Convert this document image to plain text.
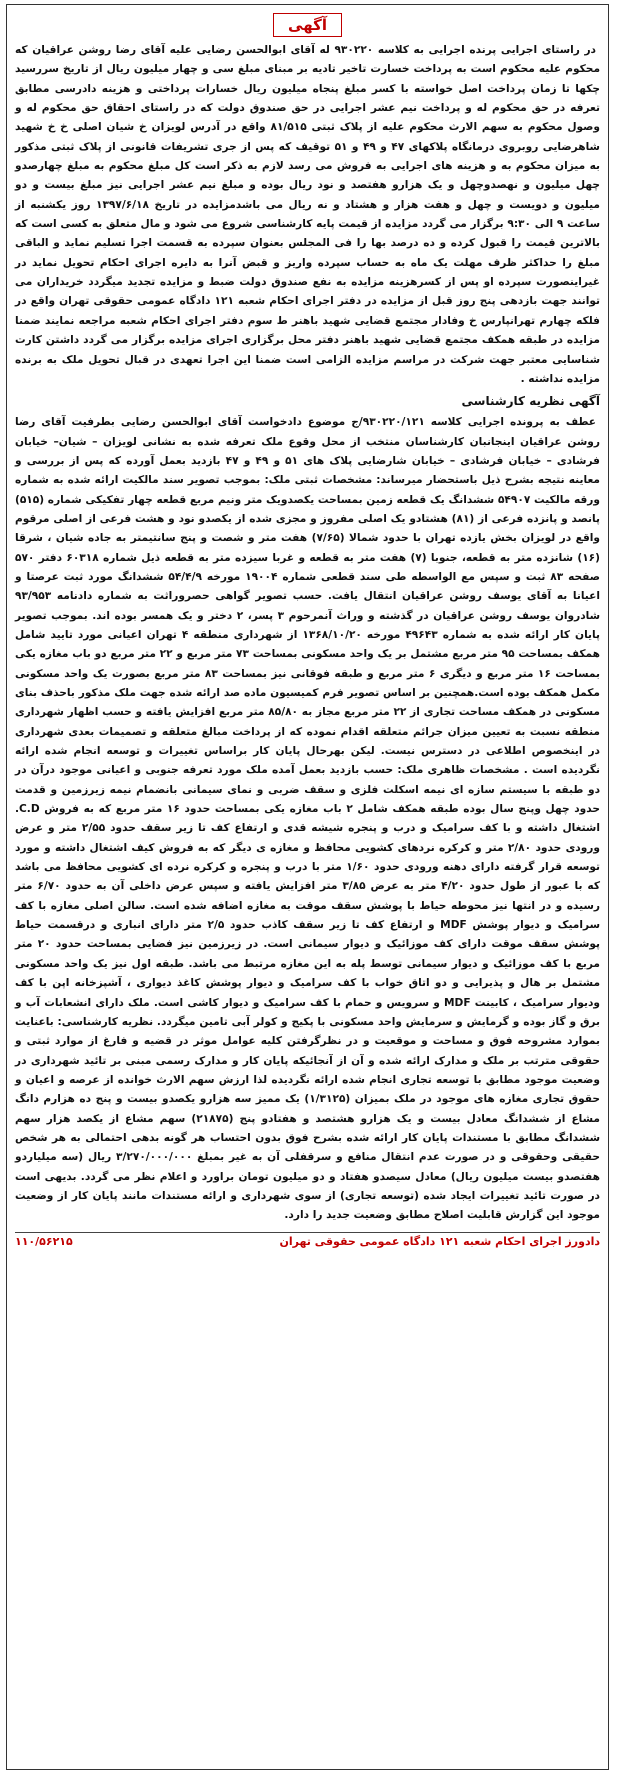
آگهی

در راستای اجرایی پرنده اجرایی به کلاسه ۹۳۰۲۲۰ له آقای ابوالحسن رضایی علیه آقای رضا روشن عراقیان که محکوم علیه محکوم است به پرداخت خسارت تاخیر تادیه بر مبنای مبلغ سی و چهار میلیون ریال از تاریخ سررسید چکها تا زمان پرداخت اصل خواسته با کسر مبلغ پنجاه میلیون ریال خسارات پرداختی و هزینه دادرسی مطابق تعرفه در حق محکوم له و پرداخت نیم عشر اجرایی در حق صندوق دولت که در راستای احقاق حق محکوم له و وصول محکوم به سهم الارث محکوم علیه از پلاک ثبتی ۸۱/۵۱۵ واقع در آدرس لویزان خ شیان اصلی خ خ شهید شاهرضایی روبروی درمانگاه پلاکهای ۴۷ و ۴۹ و ۵۱ توقیف که پس از جری تشریفات قانونی از پلاک ثبتی مذکور به میزان محکوم به و هزینه های اجرایی به فروش می رسد لازم به ذکر است کل مبلغ محکوم به مبلغ چهارصدو چهل میلیون و نهصدوچهل و یک هزارو هفتصد و نود ریال بوده و مبلغ نیم عشر اجرایی نیز مبلغ بیست و دو میلیون و دویست و چهل و هفت هزار و هشتاد و نه ریال می باشدمزایده در تاریخ ۱۳۹۷/۶/۱۸ روز یکشنبه از ساعت ۹ الی ۹:۳۰ برگزار می گردد مزایده از قیمت پایه کارشناسی شروع می شود و مال متعلق به کسی است که بالاترین قیمت را قبول کرده و ده درصد بها را فی المجلس بعنوان سپرده به قسمت اجرا تسلیم نماید و الباقی مبلغ را حداکثر ظرف مهلت یک ماه به حساب سپرده واریز و قبض آنرا به دایره اجرای احکام تحویل نماید در غیراینصورت سپرده او پس از کسرهزینه مزایده به نفع صندوق دولت ضبط و مزایده تجدید میگردد خریداران می توانند جهت بازدهی پنج روز قبل از مزایده در دفتر اجرای احکام شعبه ۱۲۱ دادگاه عمومی حقوقی تهران واقع در فلکه چهارم تهرانپارس خ وفادار مجتمع قضایی شهید باهنر ط سوم دفتر اجرای احکام شعبه مراجعه نمایند ضمنا مزایده در طبقه همکف مجتمع قضایی شهید باهنر دفتر محل برگزاری اجرای مزایده برگزار می گردد داشتن کارت شناسایی معتبر جهت شرکت در مراسم مزایده الزامی است ضمنا این اجرا تعهدی در قبال تحویل ملک به برنده مزایده نداشته .

آگهی نظریه کارشناسی

عطف به پرونده اجرایی کلاسه ۹۳۰۲۲۰/۱۲۱/ج موضوع دادخواست آقای ابوالحسن رضایی بطرفیت آقای رضا روشن عراقیان اینجانبان کارشناسان منتخب از محل وقوع ملک تعرفه شده به نشانی لویزان – شیان– خیابان فرشادی – خیابان فرشادی – خیابان شارضایی پلاک های ۵۱ و ۴۹ و ۴۷ بازدید بعمل آورده که پس از بررسی و معاینه نتیجه بشرح ذیل باستحضار میرساند: مشخصات ثبتی ملک: بموجب تصویر سند مالکیت ارائه شده به شماره ورقه مالکیت ۵۴۹۰۷ ششدانگ یک قطعه زمین بمساحت یکصدویک متر ونیم مربع قطعه چهار تفکیکی شماره (۵۱۵) پانصد و پانزده فرعی از (۸۱) هشتادو یک اصلی مفروز و مجزی شده از یکصدو نود و هشت فرعی از اصلی مرقوم واقع در لویزان بخش یازده تهران با حدود شمالا (۷/۶۵) هفت متر و شصت و پنج سانتیمتر به جاده شیان ، شرقا (۱۶) شانزده متر به قطعه، جنوبا (۷) هفت متر به قطعه و غربا سیزده متر به قطعه ذیل شماره ۶۰۳۱۸ دفتر ۵۷۰ صفحه ۸۳ ثبت و سپس مع الواسطه طی سند قطعی شماره ۱۹۰۰۴ مورخه ۵۴/۴/۹ ششدانگ مورد ثبت عرصتا و اعیانا به آقای یوسف روشن عراقیان انتقال یافت. حسب تصویر گواهی حصروراثت به شماره دادنامه ۹۳/۹۵۳ شادروان یوسف روشن عراقیان در گذشته و وراث آنمرحوم ۳ پسر، ۲ دختر و یک همسر بوده اند. بموجب تصویر پایان کار ارائه شده به شماره ۴۹۶۴۳ مورخه ۱۳۶۸/۱۰/۲۰ از شهرداری منطقه ۴ تهران اعیانی مورد تایید شامل همکف بمساحت ۹۵ متر مربع مشتمل بر یک واحد مسکونی بمساحت ۷۳ متر مربع و ۲۲ متر مربع دو باب مغازه یکی بمساحت ۱۶ متر مربع و دیگری ۶ متر مربع و طبقه فوقانی نیز بمساحت ۸۳ متر مربع بصورت یک واحد مسکونی مکمل همکف بوده است.همچنین بر اساس تصویر فرم کمیسیون ماده صد ارائه شده جهت ملک مذکور باحذف بنای مسکونی در همکف مساحت تجاری از ۲۲ متر مربع مجاز به ۸۵/۸۰ متر مربع افزایش یافته و حسب اظهار شهرداری منطقه نسبت به تعیین میزان جرائم متعلقه اقدام نموده که از پرداخت مبالغ متعلقه و تصمیمات بعدی شهرداری در اینخصوص اطلاعی در دسترس نیست. لیکن بهرحال پایان کار براساس تغییرات و توسعه انجام شده ارائه نگردیده است . مشخصات ظاهری ملک: حسب بازدید بعمل آمده ملک مورد تعرفه جنوبی و اعیانی موجود درآن در دو طبقه با سیستم سازه ای نیمه اسکلت فلزی و سقف ضربی و نمای سیمانی بانضمام نیمه زیرزمین و قدمت حدود چهل وپنج سال بوده طبقه همکف شامل ۲ باب مغازه یکی بمساحت حدود ۱۶ متر مربع که به فروش C.D. اشتغال داشته و با کف سرامیک و درب و پنجره شیشه قدی و ارتفاع کف تا زیر سقف حدود ۲/۵۵ متر و عرض ورودی حدود ۲/۸۰ متر و کرکره نردهای کشویی محافظ و مغازه ی دیگر که به فروش کیف اشتغال داشته و مورد توسعه قرار گرفته دارای دهنه ورودی حدود ۱/۶۰ متر با درب و پنجره و کرکره نرده ای کشویی محافظ می باشد که با عبور از طول حدود ۴/۲۰ متر به عرض ۳/۸۵ متر افزایش یافته و سپس عرض داخلی آن به حدود ۶/۷۰ متر رسیده و در انتها نیز محوطه حیاط با پوشش سقف موقت به مغازه اضافه شده است. سالن اصلی مغازه با کف سرامیک و دیوار پوشش MDF و ارتفاع کف تا زیر سقف کاذب حدود ۲/۵ متر دارای انباری و درقسمت حیاط پوشش سقف موقت دارای کف موزائیک و دیوار سیمانی است. در زیرزمین نیز فضایی بمساحت حدود ۲۰ متر مربع با کف موزائیک و دیوار سیمانی توسط پله به این مغازه مرتبط می باشد. طبقه اول نیز یک واحد مسکونی مشتمل بر هال و پذیرایی و دو اتاق خواب با کف سرامیک و دیوار پوشش کاغذ دیواری ، آشپزخانه اپن با کف ودیوار سرامیک ، کابینت MDF و سرویس و حمام با کف سرامیک و دیوار کاشی است. ملک دارای انشعابات آب و برق و گاز بوده و گرمایش و سرمایش واحد مسکونی با پکیج و کولر آبی تامین میگردد. نظریه کارشناسی: باعنایت بموارد مشروحه فوق و مساحت و موقعیت و در نظرگرفتن کلیه عوامل موثر در قضیه و فارغ از موارد ثبتی و حقوقی مترتب بر ملک و مدارک ارائه شده و آن از آنجائیکه پایان کار و مدارک رسمی مبنی بر تائید شهرداری در وضعیت موجود مطابق با توسعه تجاری انجام شده ارائه نگردیده لذا ارزش سهم الارث خوانده از عرصه و اعیان و حقوق تجاری مغازه های موجود در ملک بمیزان (۱/۳۱۲۵) یک ممیز سه هزارو یکصدو بیست و پنج ده هزارم دانگ مشاع از ششدانگ معادل بیست و یک هزارو هشتصد و هفتادو پنج (۲۱۸۷۵) سهم مشاع از یکصد هزار سهم ششدانگ مطابق با مستندات پایان کار ارائه شده بشرح فوق بدون احتساب هر گونه بدهی احتمالی به هر شخص حقیقی وحقوقی و در صورت عدم انتقال منافع و سرقفلی آن به غیر بمبلغ ۳/۲۷۰/۰۰۰/۰۰۰ ریال (سه میلیاردو هفتصدو بیست میلیون ریال) معادل سیصدو هفتاد و دو میلیون تومان براورد و اعلام نظر می گردد. بدیهی است در صورت تائید تغییرات ایجاد شده (توسعه تجاری) از سوی شهرداری و ارائه مستندات مانند پایان کار از وضعیت موجود این گزارش قابلیت اصلاح مطابق وضعیت جدید را دارد.

دادورز اجرای احکام شعبه ۱۲۱ دادگاه عمومی حقوقی تهران
۱۱۰/۵۶۲۱۵
